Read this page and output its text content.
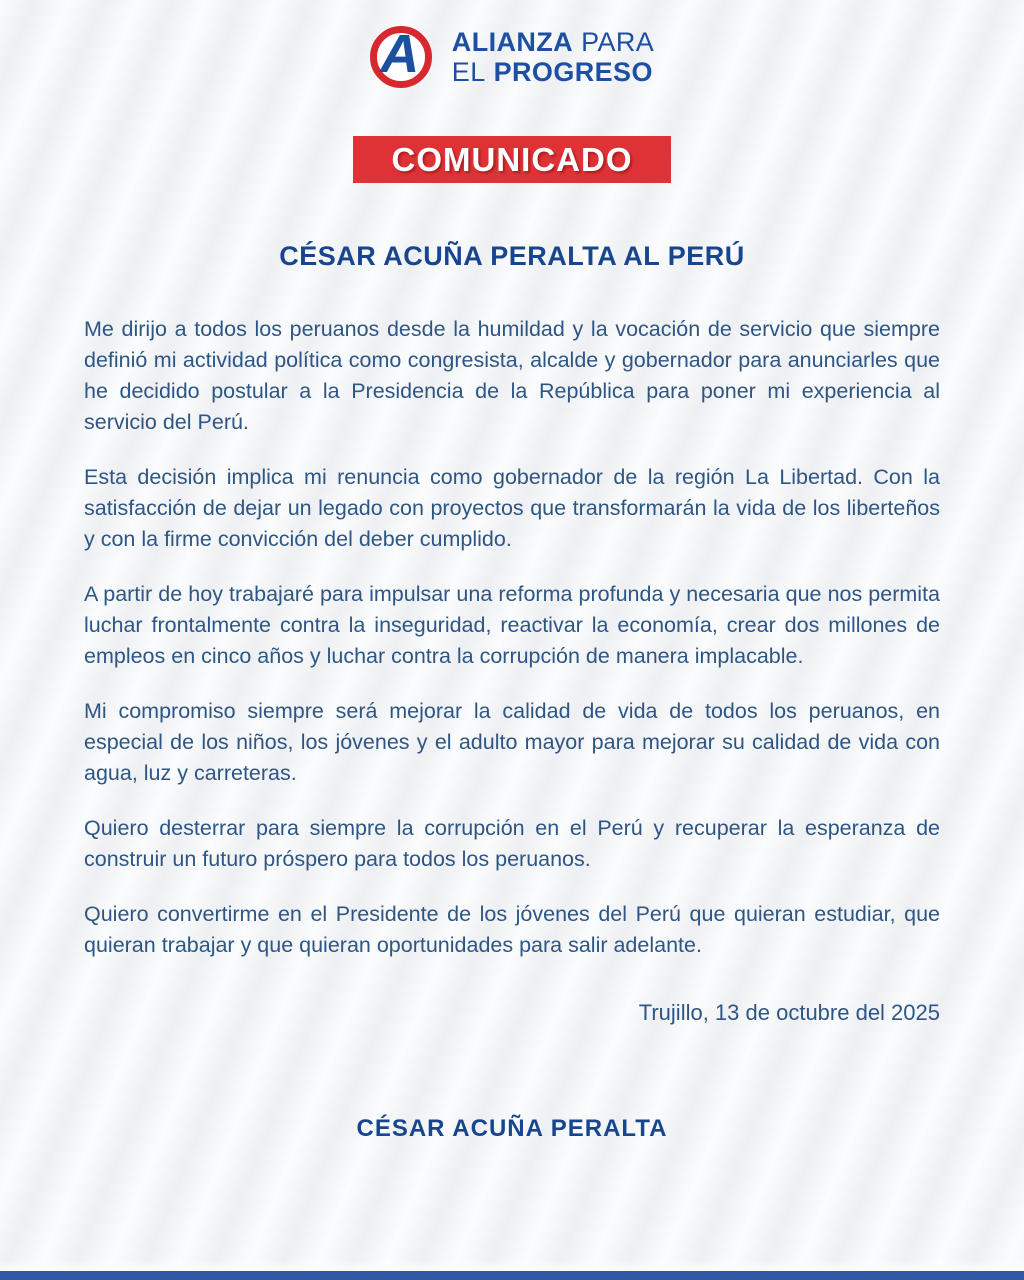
A ALIANZA PARA
EL PROGRESO
COMUNICADO
CÉSAR ACUÑA PERALTA AL PERÚ

Me dirijo a todos los peruanos desde la humildad y la vocación de servicio que siempre definió mi actividad política como congresista, alcalde y gobernador para anunciarles que he decidido postular a la Presidencia de la República para poner mi experiencia al servicio del Perú.

Esta decisión implica mi renuncia como gobernador de la región La Libertad. Con la satisfacción de dejar un legado con proyectos que transformarán la vida de los liberteños y con la firme convicción del deber cumplido.

A partir de hoy trabajaré para impulsar una reforma profunda y necesaria que nos permita luchar frontalmente contra la inseguridad, reactivar la economía, crear dos millones de empleos en cinco años y luchar contra la corrupción de manera implacable.

Mi compromiso siempre será mejorar la calidad de vida de todos los peruanos, en especial de los niños, los jóvenes y el adulto mayor para mejorar su calidad de vida con agua, luz y carreteras.

Quiero desterrar para siempre la corrupción en el Perú y recuperar la esperanza de construir un futuro próspero para todos los peruanos.

Quiero convertirme en el Presidente de los jóvenes del Perú que quieran estudiar, que quieran trabajar y que quieran oportunidades para salir adelante.

Trujillo, 13 de octubre del 2025

CÉSAR ACUÑA PERALTA
